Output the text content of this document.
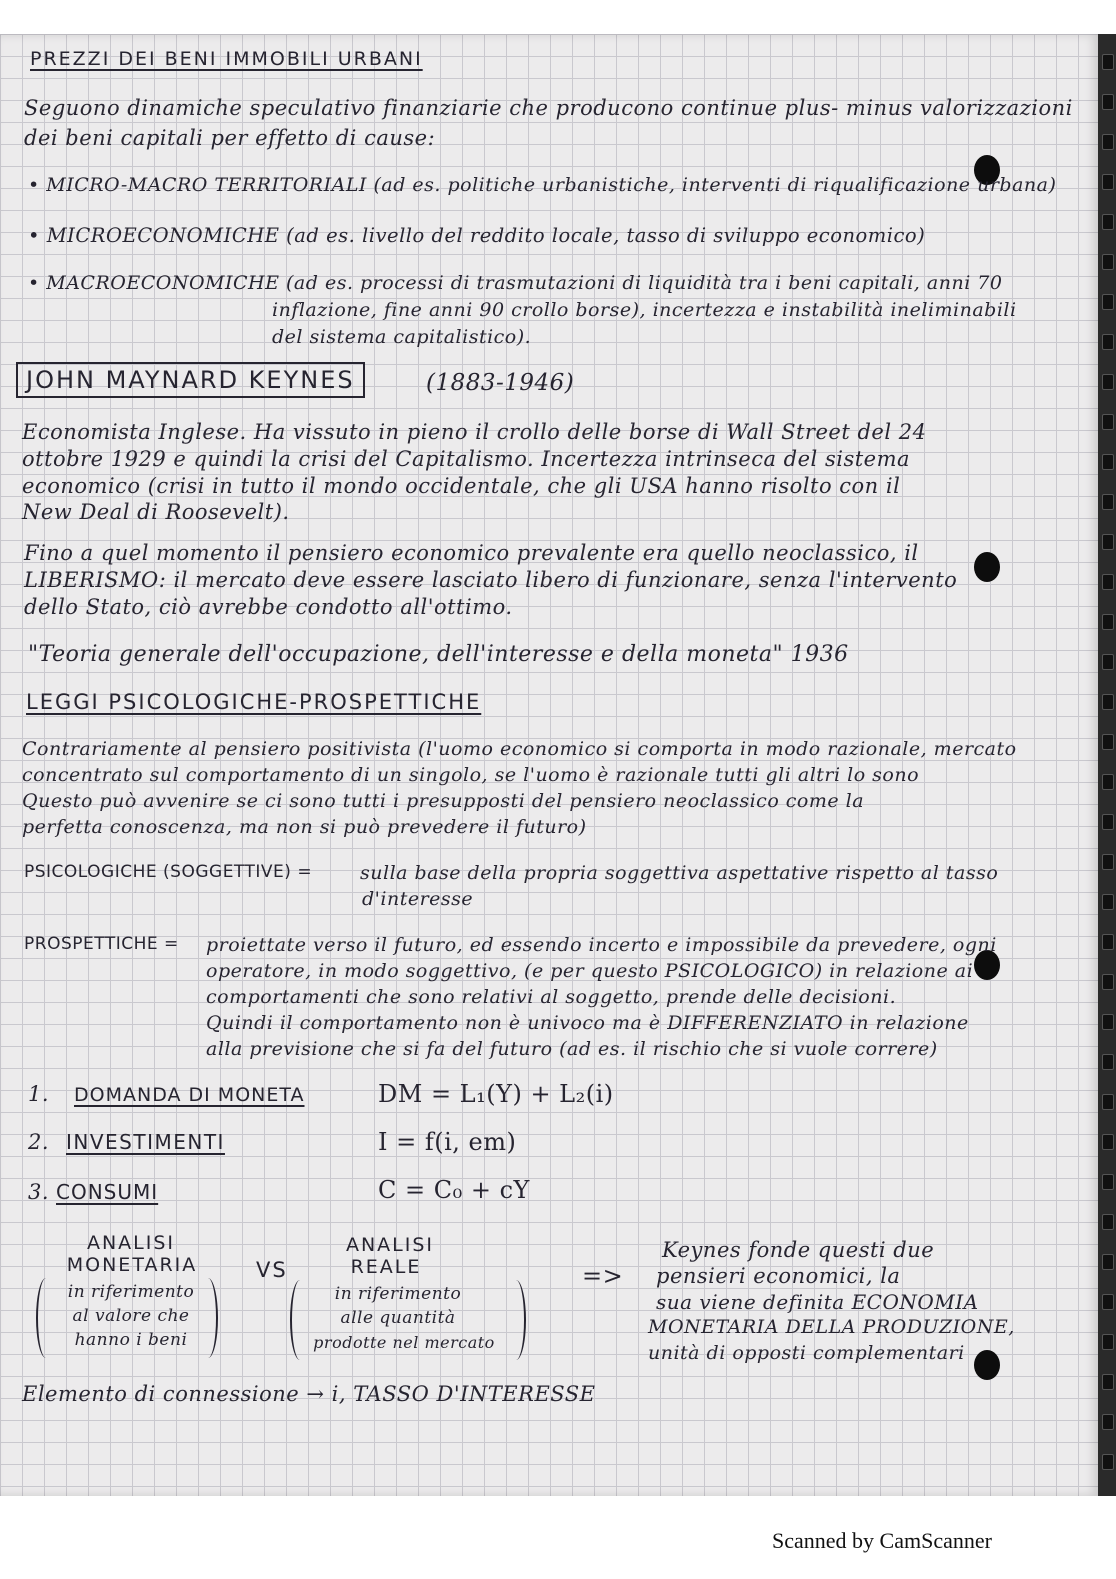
PREZZI DEI BENI IMMOBILI URBANI
Seguono dinamiche speculativo finanziarie che producono continue plus- minus valorizzazioni
dei beni capitali per effetto di cause:
• MICRO-MACRO TERRITORIALI (ad es. politiche urbanistiche, interventi di riqualificazione urbana)
• MICROECONOMICHE (ad es. livello del reddito locale, tasso di sviluppo economico)
• MACROECONOMICHE (ad es. processi di trasmutazioni di liquidità tra i beni capitali, anni 70
inflazione, fine anni 90 crollo borse), incertezza e instabilità ineliminabili
del sistema capitalistico).
JOHN MAYNARD KEYNES	(1883-1946)
Economista Inglese. Ha vissuto in pieno il crollo delle borse di Wall Street del 24
ottobre 1929 e quindi la crisi del Capitalismo. Incertezza intrinseca del sistema
economico (crisi in tutto il mondo occidentale, che gli USA hanno risolto con il
New Deal di Roosevelt).
Fino a quel momento il pensiero economico prevalente era quello neoclassico, il
LIBERISMO: il mercato deve essere lasciato libero di funzionare, senza l'intervento
dello Stato, ciò avrebbe condotto all'ottimo.
"Teoria generale dell'occupazione, dell'interesse e della moneta" 1936
LEGGI PSICOLOGICHE-PROSPETTICHE
Contrariamente al pensiero positivista (l'uomo economico si comporta in modo razionale, mercato
concentrato sul comportamento di un singolo, se l'uomo è razionale tutti gli altri lo sono
Questo può avvenire se ci sono tutti i presupposti del pensiero neoclassico come la
perfetta conoscenza, ma non si può prevedere il futuro)
PSICOLOGICHE (SOGGETTIVE) =	sulla base della propria soggettiva aspettative rispetto al tasso
d'interesse
PROSPETTICHE = proiettate verso il futuro, ed essendo incerto e impossibile da prevedere, ogni
operatore, in modo soggettivo, (e per questo PSICOLOGICO) in relazione ai
comportamenti che sono relativi al soggetto, prende delle decisioni.
Quindi il comportamento non è univoco ma è DIFFERENZIATO in relazione
alla previsione che si fa del futuro (ad es. il rischio che si vuole correre)
1. DOMANDA DI MONETA	DM = L₁(Y) + L₂(i)
2. INVESTIMENTI	I = f(i, em)
3. CONSUMI	C = C₀ + cY
ANALISI
MONETARIA
in riferimento
al valore che
hanno i beni
VS
ANALISI
REALE
in riferimento
alle quantità
prodotte nel mercato
=>
Keynes fonde questi due
pensieri economici, la
sua viene definita ECONOMIA
MONETARIA DELLA PRODUZIONE,
unità di opposti complementari
Elemento di connessione → i, TASSO D'INTERESSE
Scanned by CamScanner
